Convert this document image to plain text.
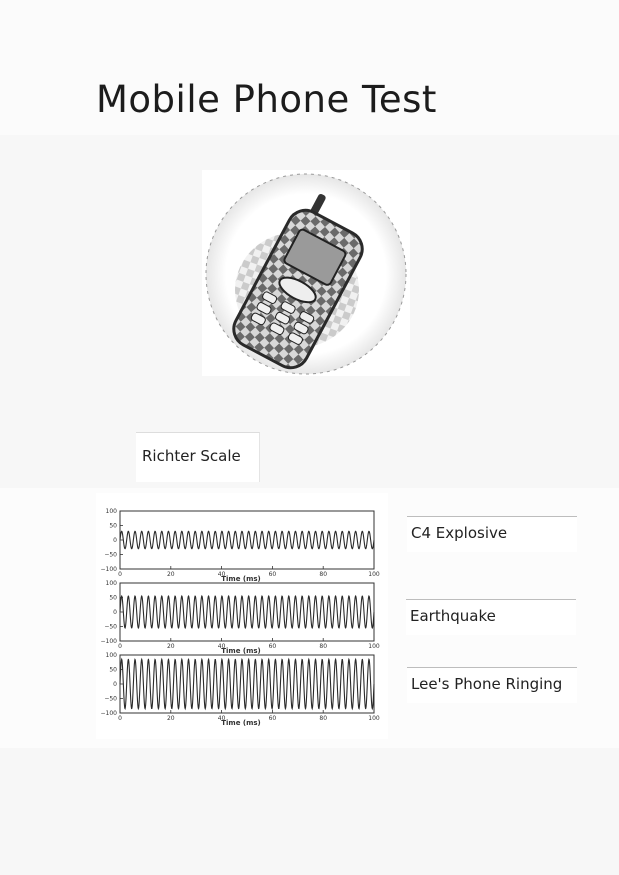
Mobile Phone Test
Richter Scale
100
50
0
−50
−100
0	20	40	60	80	100
Time (ms)
100
50
0
−50
−100
0	20	40	60	80	100
Time (ms)
100
50
0
−50
−100
0	20	40	60	80	100
Time (ms)
C4 Explosive
Earthquake
Lee's Phone Ringing
